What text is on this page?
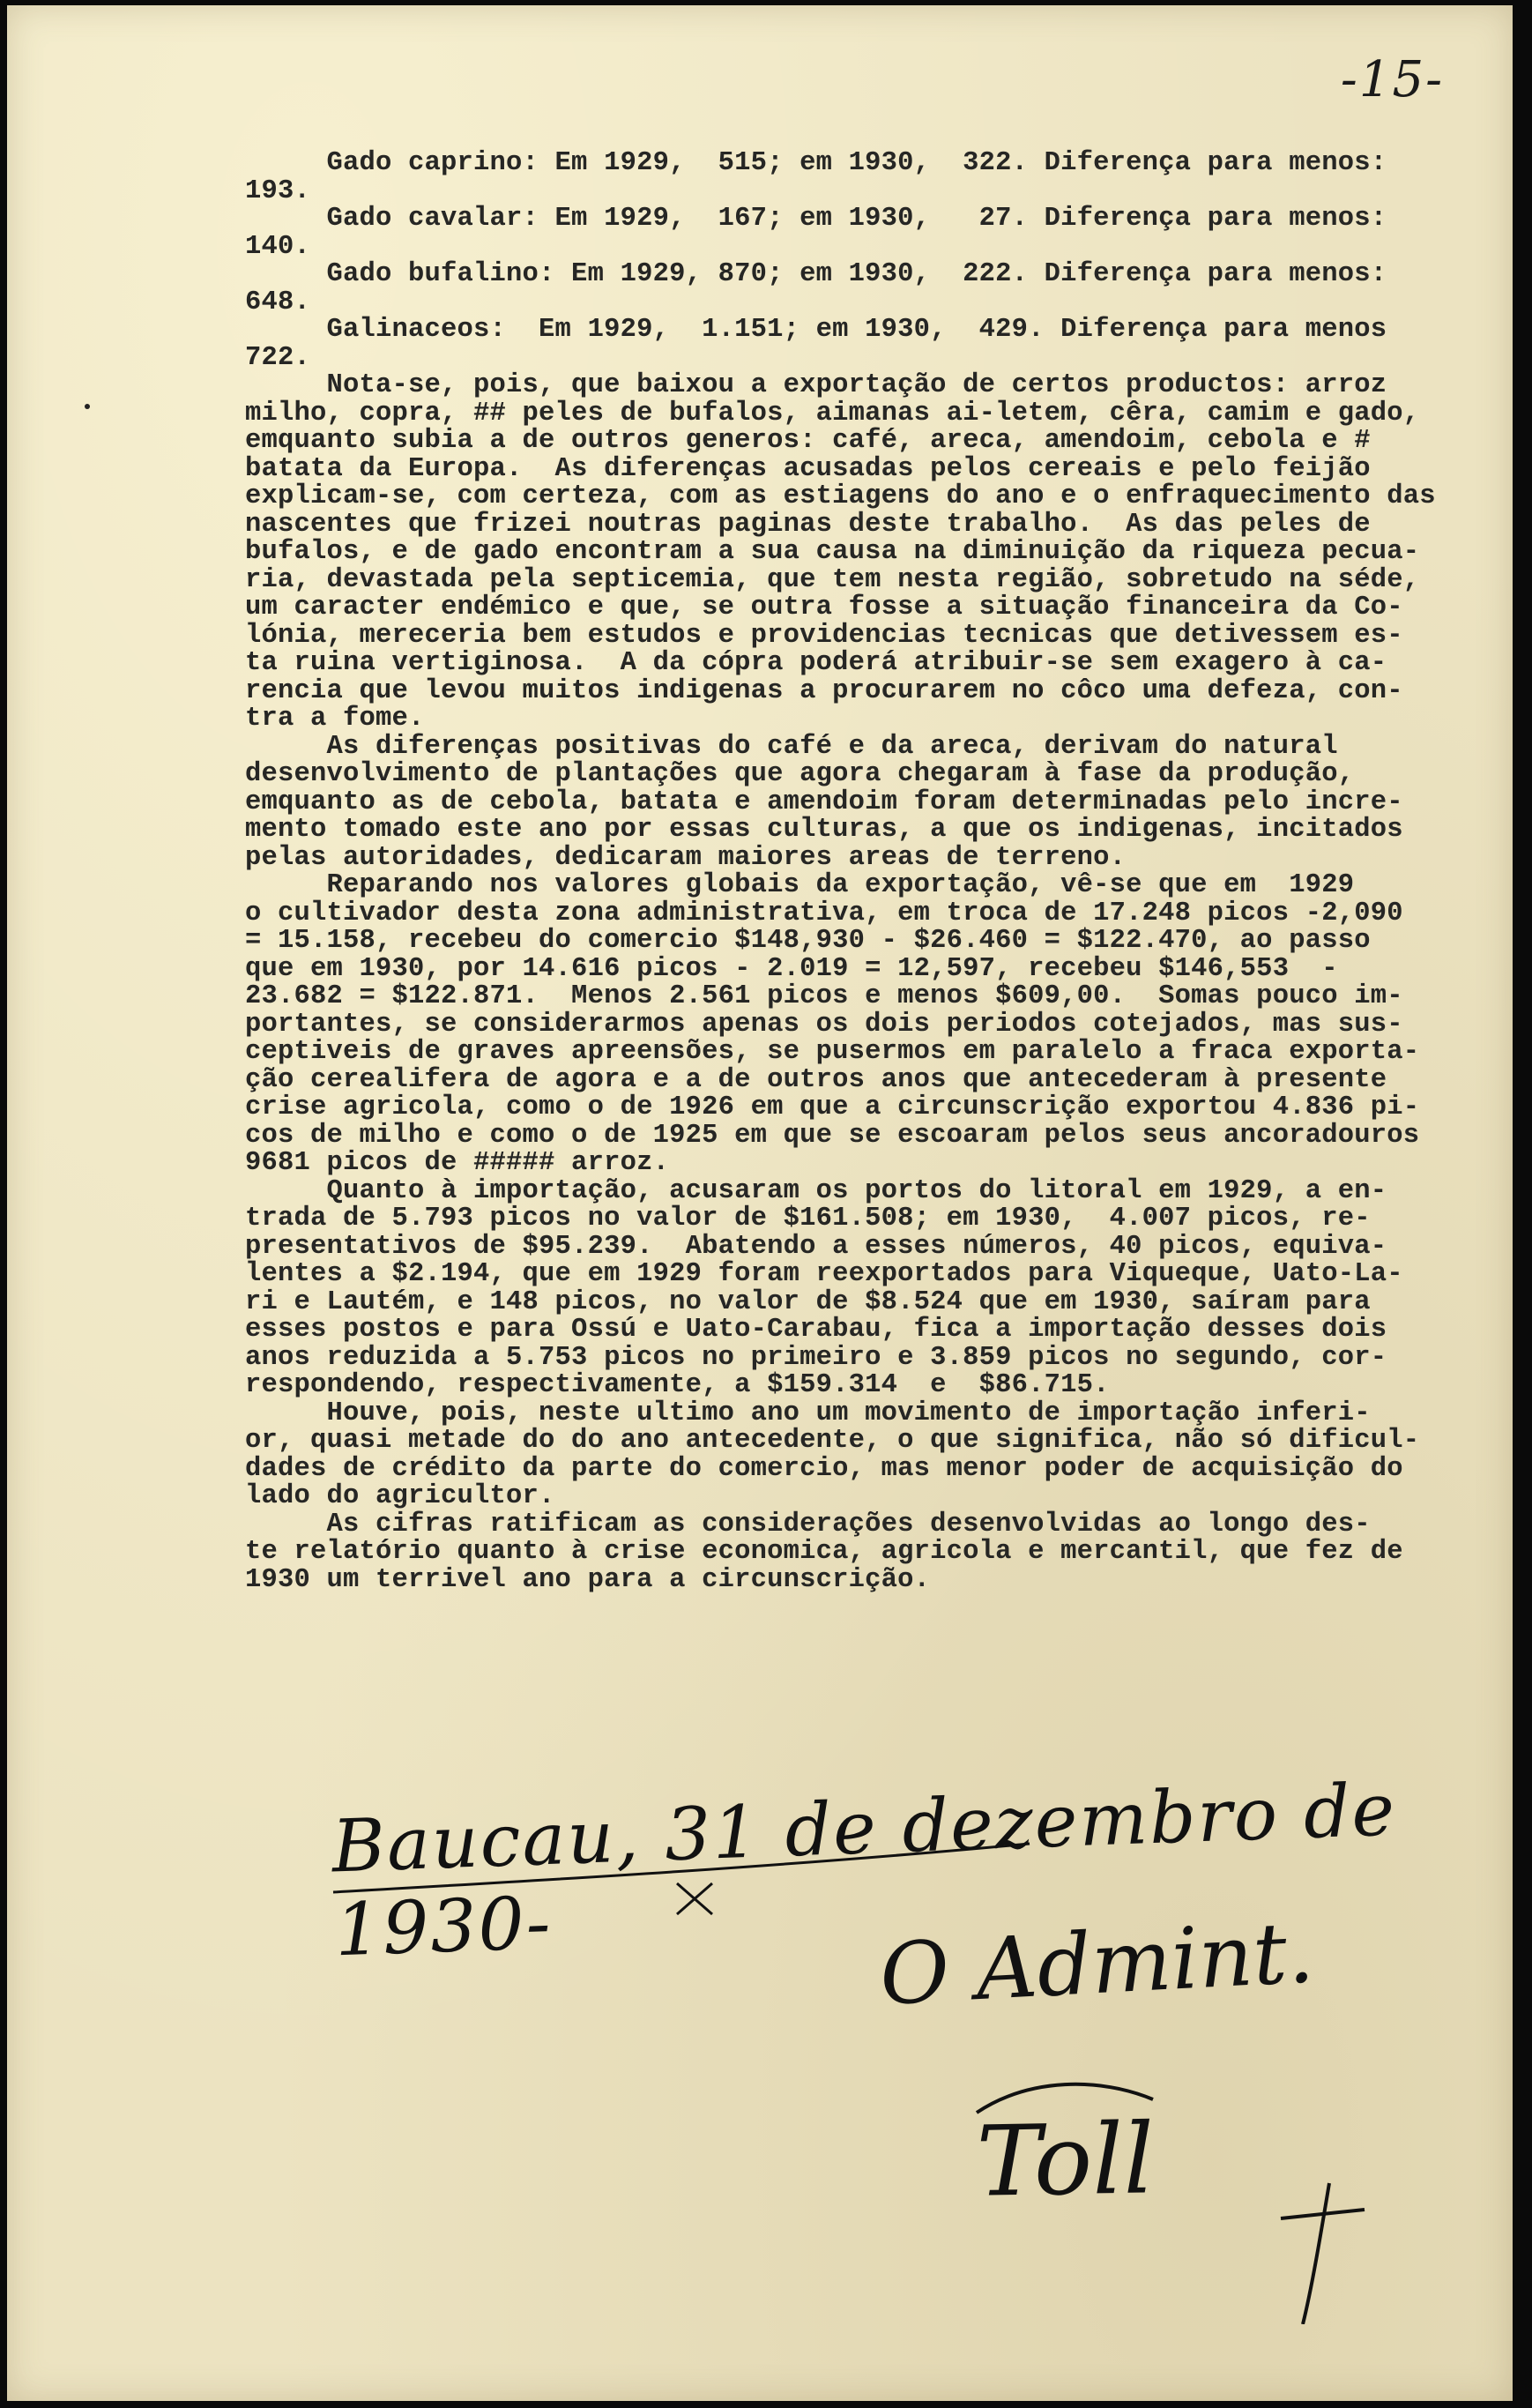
-15-
Gado caprino: Em 1929,  515; em 1930,  322. Diferença para menos:
193.
Gado cavalar: Em 1929,  167; em 1930,   27. Diferença para menos:
140.
Gado bufalino: Em 1929, 870; em 1930,  222. Diferença para menos:
648.
Galinaceos:  Em 1929,  1.151; em 1930,  429. Diferença para menos
722.
Nota-se, pois, que baixou a exportação de certos productos: arroz
milho, copra, ## peles de bufalos, aimanas ai-letem, cêra, camim e gado,
emquanto subia a de outros generos: café, areca, amendoim, cebola e #
batata da Europa.  As diferenças acusadas pelos cereais e pelo feijão
explicam-se, com certeza, com as estiagens do ano e o enfraquecimento das
nascentes que frizei noutras paginas deste trabalho.  As das peles de
bufalos, e de gado encontram a sua causa na diminuição da riqueza pecua-
ria, devastada pela septicemia, que tem nesta região, sobretudo na séde,
um caracter endémico e que, se outra fosse a situação financeira da Co-
lónia, mereceria bem estudos e providencias tecnicas que detivessem es-
ta ruina vertiginosa.  A da cópra poderá atribuir-se sem exagero à ca-
rencia que levou muitos indigenas a procurarem no côco uma defeza, con-
tra a fome.
As diferenças positivas do café e da areca, derivam do natural
desenvolvimento de plantações que agora chegaram à fase da produção,
emquanto as de cebola, batata e amendoim foram determinadas pelo incre-
mento tomado este ano por essas culturas, a que os indigenas, incitados
pelas autoridades, dedicaram maiores areas de terreno.
Reparando nos valores globais da exportação, vê-se que em  1929
o cultivador desta zona administrativa, em troca de 17.248 picos -2,090
= 15.158, recebeu do comercio $148,930 - $26.460 = $122.470, ao passo
que em 1930, por 14.616 picos - 2.019 = 12,597, recebeu $146,553  -
23.682 = $122.871.  Menos 2.561 picos e menos $609,00.  Somas pouco im-
portantes, se considerarmos apenas os dois periodos cotejados, mas sus-
ceptiveis de graves apreensões, se pusermos em paralelo a fraca exporta-
ção cerealifera de agora e a de outros anos que antecederam à presente
crise agricola, como o de 1926 em que a circunscrição exportou 4.836 pi-
cos de milho e como o de 1925 em que se escoaram pelos seus ancoradouros
9681 picos de ##### arroz.
Quanto à importação, acusaram os portos do litoral em 1929, a en-
trada de 5.793 picos no valor de $161.508; em 1930,  4.007 picos, re-
presentativos de $95.239.  Abatendo a esses números, 40 picos, equiva-
lentes a $2.194, que em 1929 foram reexportados para Viqueque, Uato-La-
ri e Lautém, e 148 picos, no valor de $8.524 que em 1930, saíram para
esses postos e para Ossú e Uato-Carabau, fica a importação desses dois
anos reduzida a 5.753 picos no primeiro e 3.859 picos no segundo, cor-
respondendo, respectivamente, a $159.314  e  $86.715.
Houve, pois, neste ultimo ano um movimento de importação inferi-
or, quasi metade do do ano antecedente, o que significa, não só dificul-
dades de crédito da parte do comercio, mas menor poder de acquisição do
lado do agricultor.
As cifras ratificam as considerações desenvolvidas ao longo des-
te relatório quanto à crise economica, agricola e mercantil, que fez de
1930 um terrivel ano para a circunscrição.
Baucau, 31 de dezembro de 1930-	O Admint.
Toll
